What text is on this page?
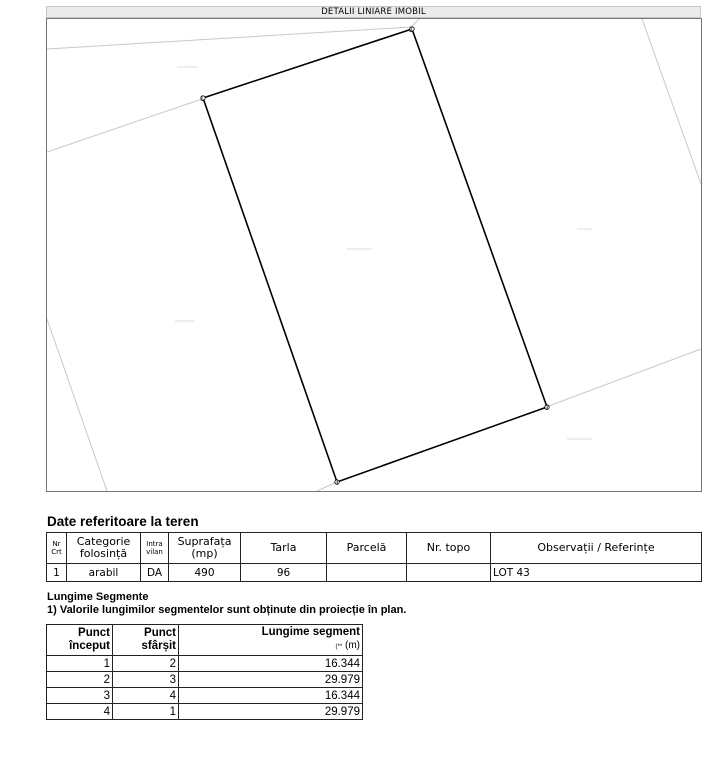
DETALII LINIARE IMOBIL
1
2
3
4
Date referitoare la teren
Nr Crt	Categorie folosință	Intra vilan	Suprafața (mp)	Tarla	Parcelă	Nr. topo	Observații / Referințe
1	arabil	DA	490	96			LOT 43
Lungime Segmente
1) Valorile lungimilor segmentelor sunt obținute din proiecție în plan.
Punct început	Punct sfârșit	Lungime segment
(** (m)

1	2	16.344
2	3	29.979
3	4	16.344
4	1	29.979
